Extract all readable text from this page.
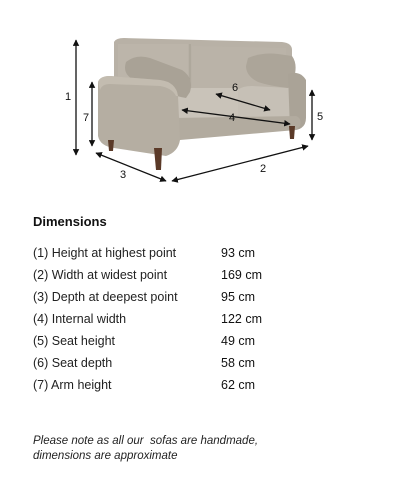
1
7
3	2
5
4
6
Dimensions
(1) Height at highest point	93 cm
(2) Width at widest point	169 cm
(3) Depth at deepest point	95 cm
(4) Internal width	122 cm
(5) Seat height	49 cm
(6) Seat depth	58 cm
(7) Arm height	62 cm
Please note as all our  sofas are handmade,
dimensions are approximate
